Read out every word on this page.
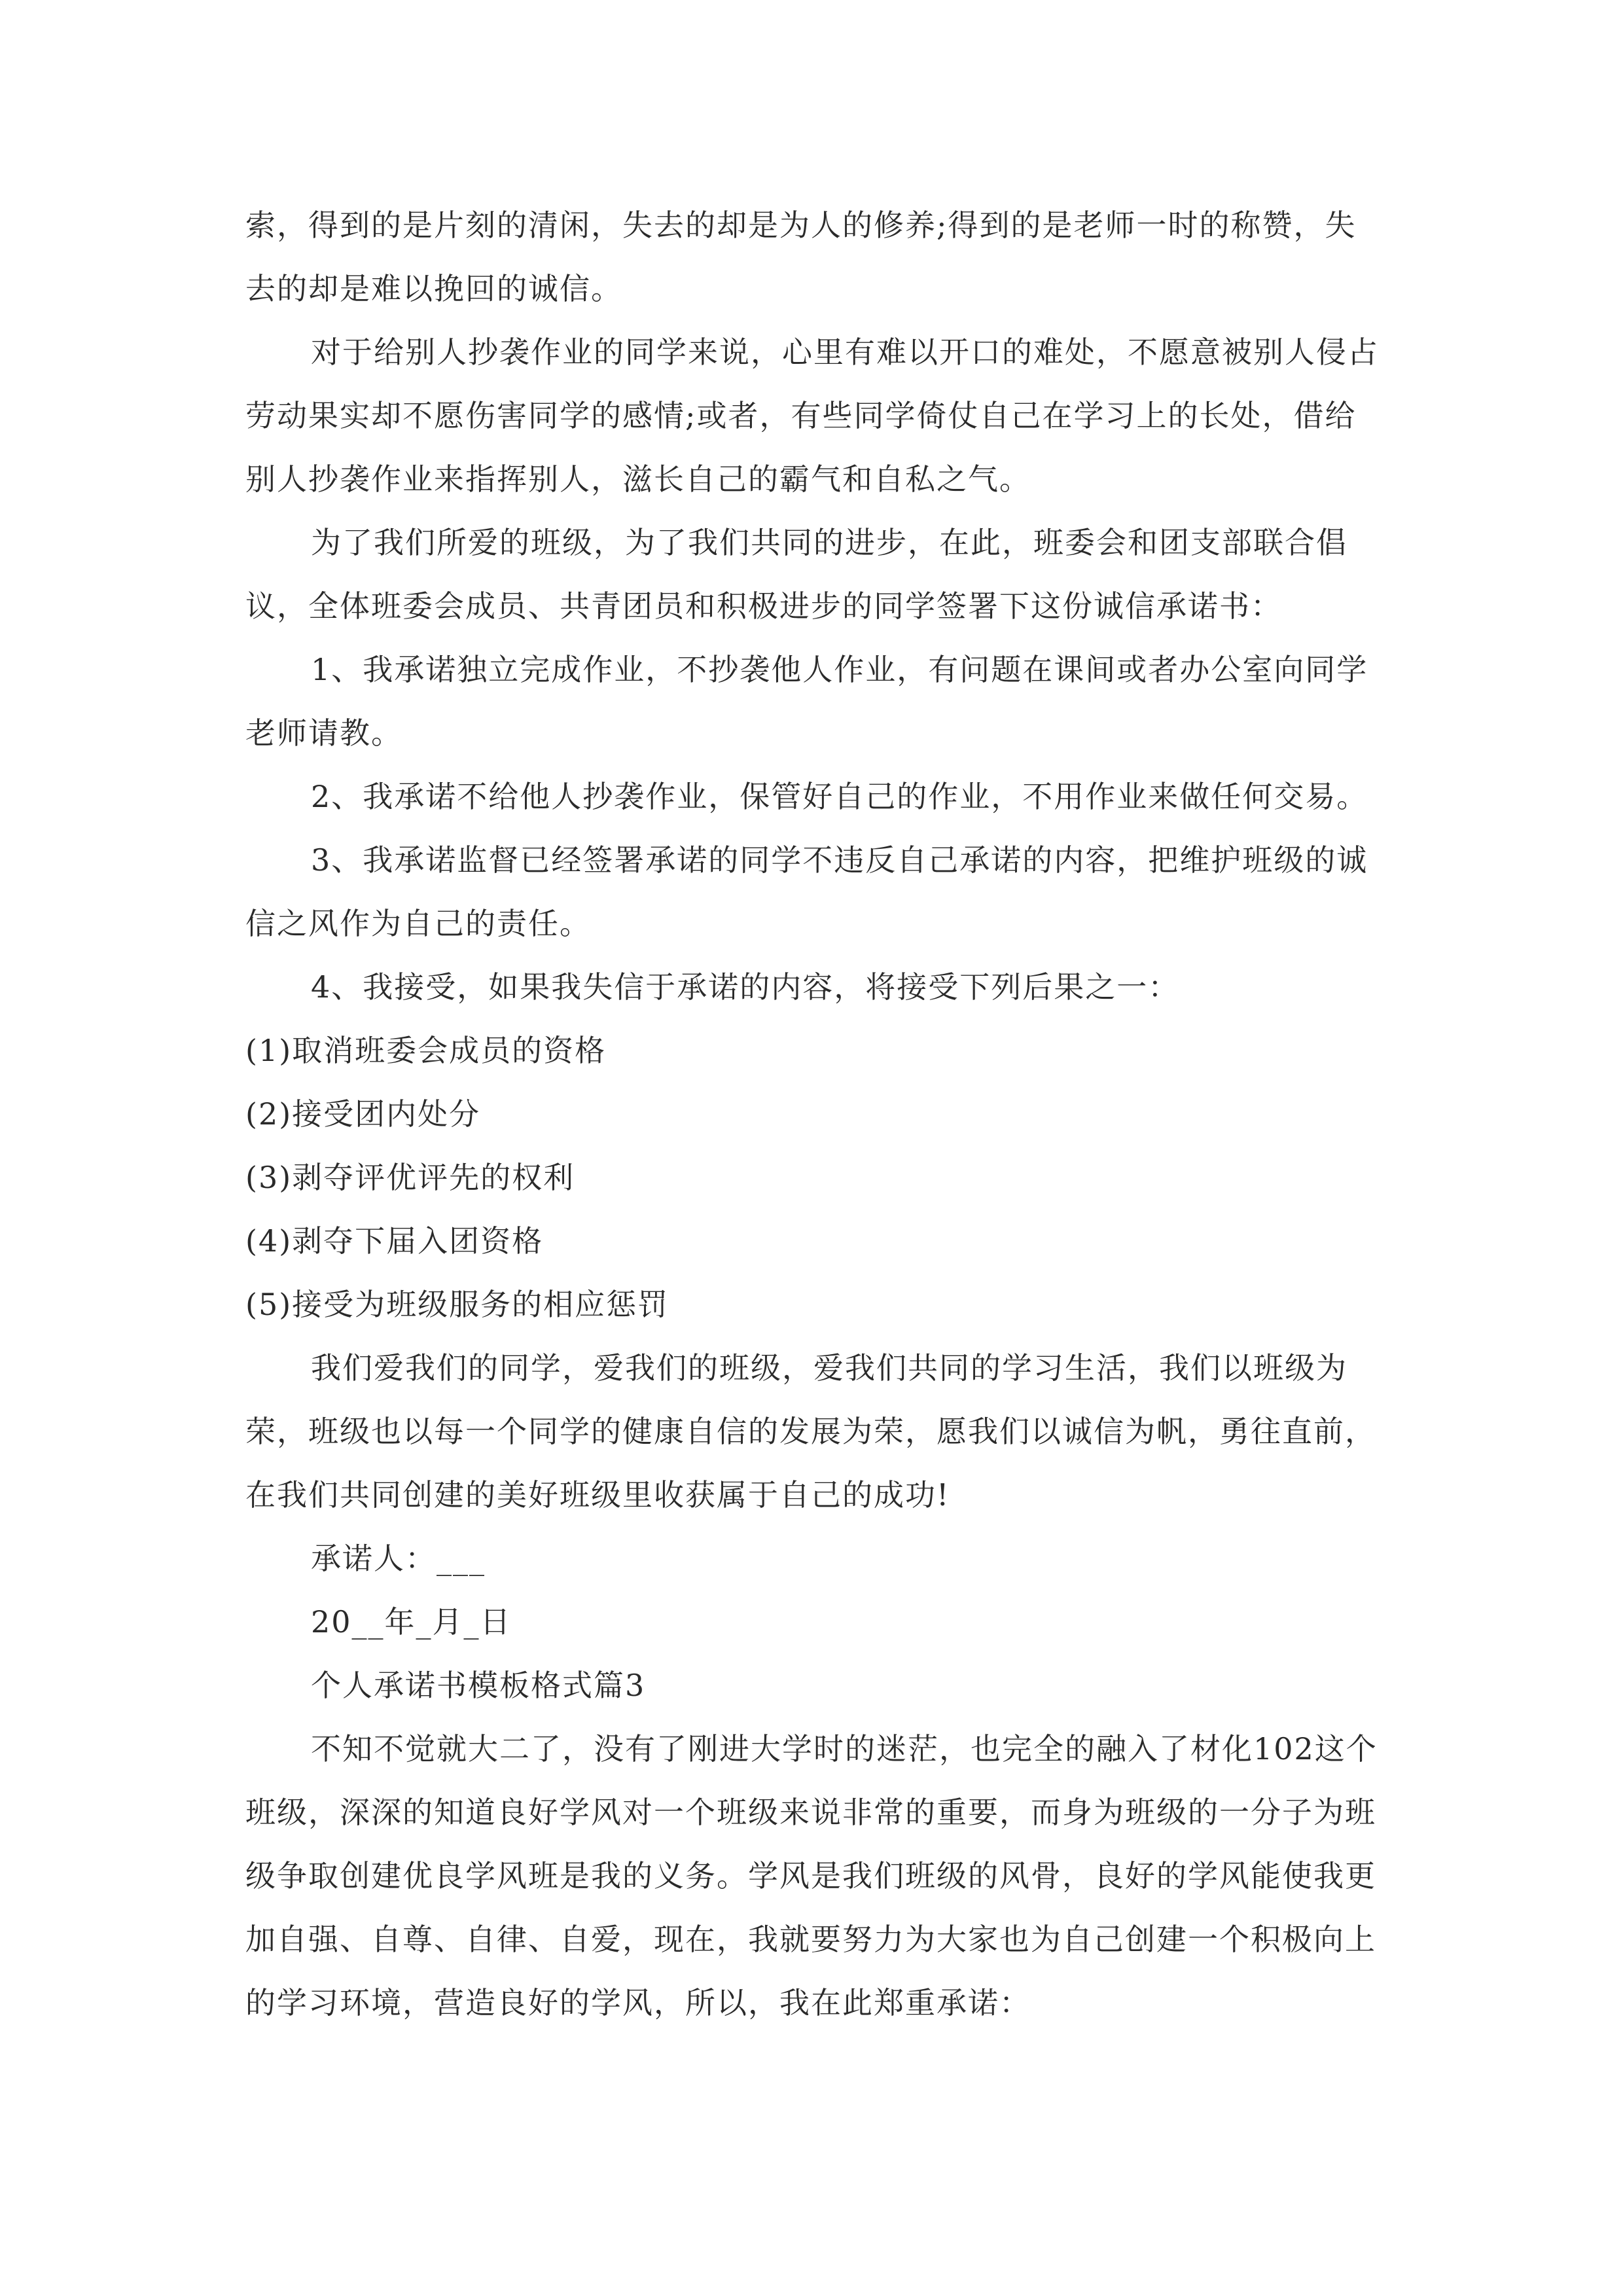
索，得到的是片刻的清闲，失去的却是为人的修养;得到的是老师一时的称赞，失去的却是难以挽回的诚信。

对于给别人抄袭作业的同学来说，心里有难以开口的难处，不愿意被别人侵占劳动果实却不愿伤害同学的感情;或者，有些同学倚仗自己在学习上的长处，借给别人抄袭作业来指挥别人，滋长自己的霸气和自私之气。

为了我们所爱的班级，为了我们共同的进步，在此，班委会和团支部联合倡议，全体班委会成员、共青团员和积极进步的同学签署下这份诚信承诺书：

1、我承诺独立完成作业，不抄袭他人作业，有问题在课间或者办公室向同学老师请教。

2、我承诺不给他人抄袭作业，保管好自己的作业，不用作业来做任何交易。

3、我承诺监督已经签署承诺的同学不违反自己承诺的内容，把维护班级的诚信之风作为自己的责任。

4、我接受，如果我失信于承诺的内容，将接受下列后果之一：

(1)取消班委会成员的资格

(2)接受团内处分

(3)剥夺评优评先的权利

(4)剥夺下届入团资格

(5)接受为班级服务的相应惩罚

我们爱我们的同学，爱我们的班级，爱我们共同的学习生活，我们以班级为荣，班级也以每一个同学的健康自信的发展为荣，愿我们以诚信为帆，勇往直前，在我们共同创建的美好班级里收获属于自己的成功!

承诺人：___

20__年_月_日

个人承诺书模板格式篇3

不知不觉就大二了，没有了刚进大学时的迷茫，也完全的融入了材化102这个班级，深深的知道良好学风对一个班级来说非常的重要，而身为班级的一分子为班级争取创建优良学风班是我的义务。学风是我们班级的风骨，良好的学风能使我更加自强、自尊、自律、自爱，现在，我就要努力为大家也为自己创建一个积极向上的学习环境，营造良好的学风，所以，我在此郑重承诺：
